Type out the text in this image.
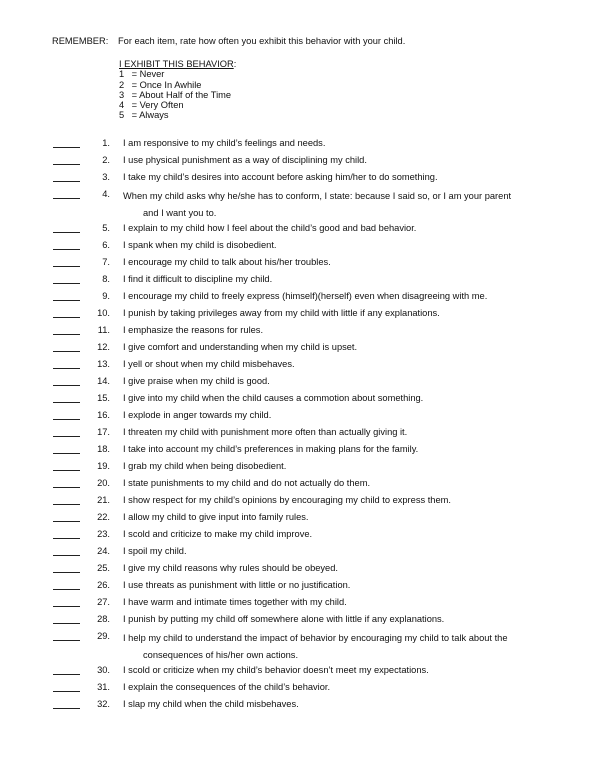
REMEMBER: For each item, rate how often you exhibit this behavior with your child.
I EXHIBIT THIS BEHAVIOR:
1 = Never
2 = Once In Awhile
3 = About Half of the Time
4 = Very Often
5 = Always
1. I am responsive to my child’s feelings and needs.
2. I use physical punishment as a way of disciplining my child.
3. I take my child’s desires into account before asking him/her to do something.
4. When my child asks why he/she has to conform, I state: because I said so, or I am your parent
and I want you to.
5. I explain to my child how I feel about the child’s good and bad behavior.
6. I spank when my child is disobedient.
7. I encourage my child to talk about his/her troubles.
8. I find it difficult to discipline my child.
9. I encourage my child to freely express (himself)(herself) even when disagreeing with me.
10. I punish by taking privileges away from my child with little if any explanations.
11. I emphasize the reasons for rules.
12. I give comfort and understanding when my child is upset.
13. I yell or shout when my child misbehaves.
14. I give praise when my child is good.
15. I give into my child when the child causes a commotion about something.
16. I explode in anger towards my child.
17. I threaten my child with punishment more often than actually giving it.
18. I take into account my child’s preferences in making plans for the family.
19. I grab my child when being disobedient.
20. I state punishments to my child and do not actually do them.
21. I show respect for my child’s opinions by encouraging my child to express them.
22. I allow my child to give input into family rules.
23. I scold and criticize to make my child improve.
24. I spoil my child.
25. I give my child reasons why rules should be obeyed.
26. I use threats as punishment with little or no justification.
27. I have warm and intimate times together with my child.
28. I punish by putting my child off somewhere alone with little if any explanations.
29. I help my child to understand the impact of behavior by encouraging my child to talk about the
consequences of his/her own actions.
30. I scold or criticize when my child’s behavior doesn’t meet my expectations.
31. I explain the consequences of the child’s behavior.
32. I slap my child when the child misbehaves.
